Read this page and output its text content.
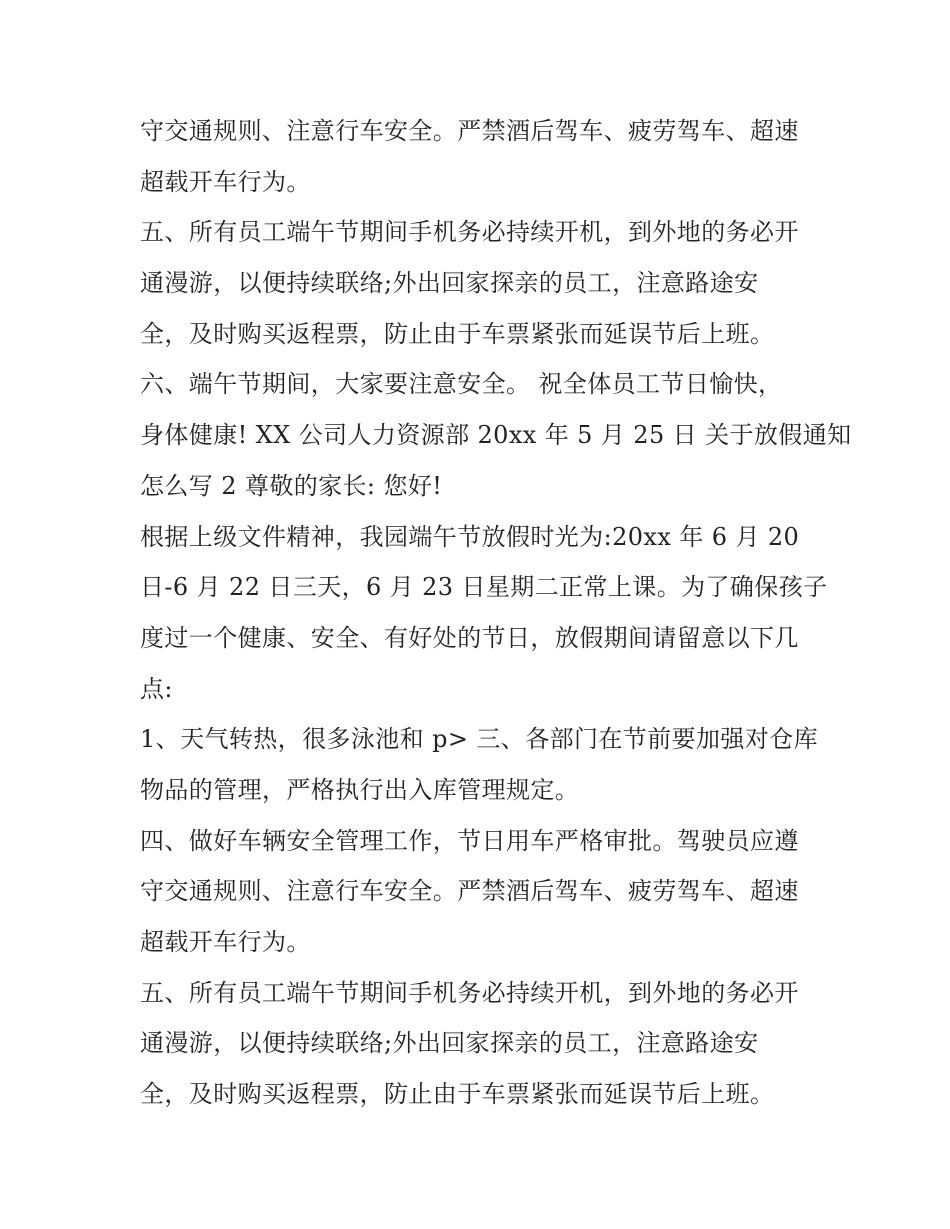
守交通规则、注意行车安全。严禁酒后驾车、疲劳驾车、超速
超载开车行为。
五、所有员工端午节期间手机务必持续开机，到外地的务必开
通漫游，以便持续联络;外出回家探亲的员工，注意路途安
全，及时购买返程票，防止由于车票紧张而延误节后上班。
六、端午节期间，大家要注意安全。 祝全体员工节日愉快，
身体健康! XX 公司人力资源部 20xx 年 5 月 25 日 关于放假通知
怎么写 2 尊敬的家长: 您好!
根据上级文件精神，我园端午节放假时光为:20xx 年 6 月 20
日-6 月 22 日三天，6 月 23 日星期二正常上课。为了确保孩子
度过一个健康、安全、有好处的节日，放假期间请留意以下几
点:
1、天气转热，很多泳池和 p> 三、各部门在节前要加强对仓库
物品的管理，严格执行出入库管理规定。
四、做好车辆安全管理工作，节日用车严格审批。驾驶员应遵
守交通规则、注意行车安全。严禁酒后驾车、疲劳驾车、超速
超载开车行为。
五、所有员工端午节期间手机务必持续开机，到外地的务必开
通漫游，以便持续联络;外出回家探亲的员工，注意路途安
全，及时购买返程票，防止由于车票紧张而延误节后上班。
